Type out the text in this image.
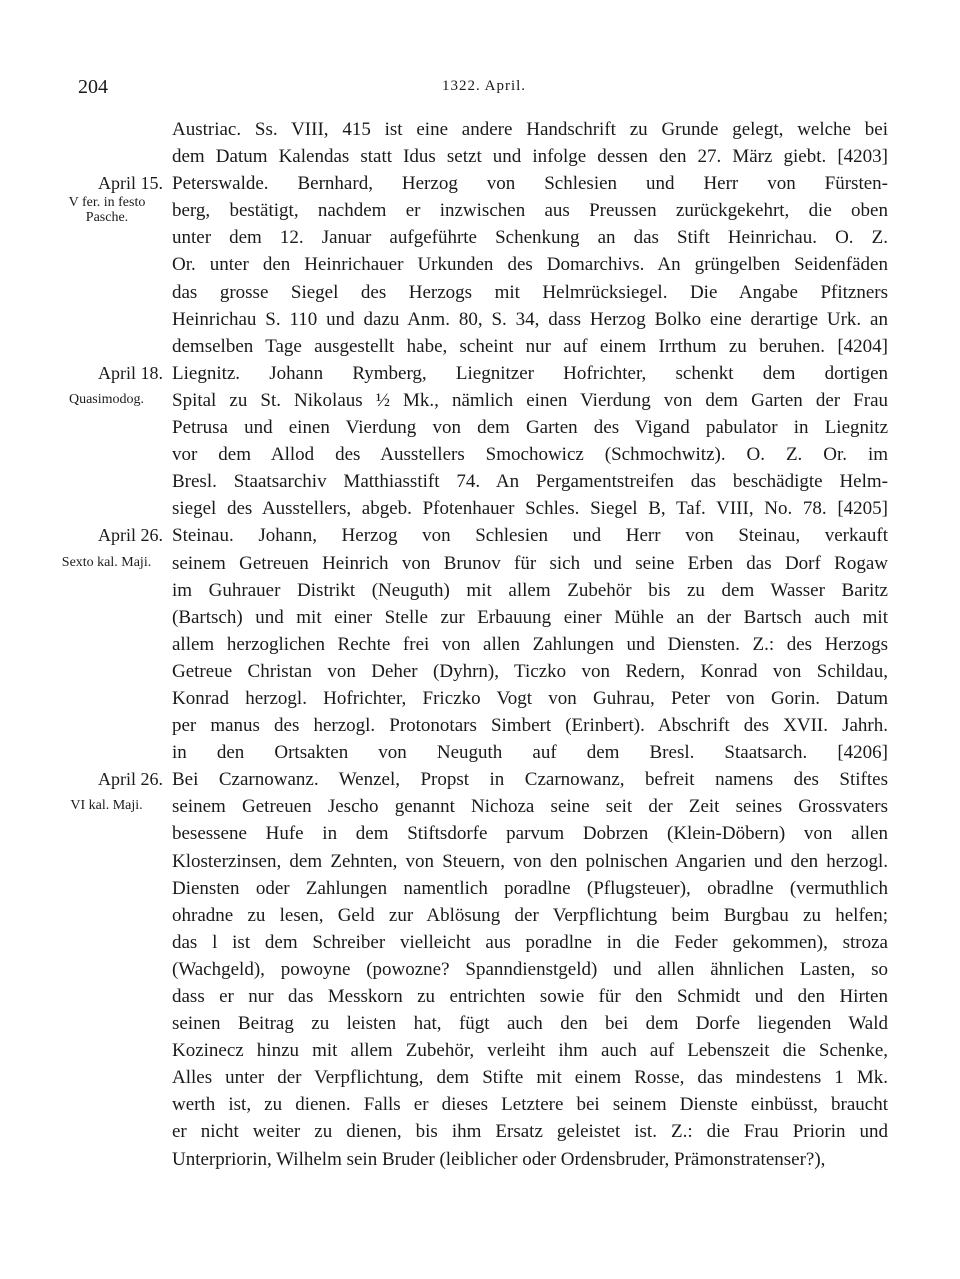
204	1322. April.
Austriac. Ss. VIII, 415 ist eine andere Handschrift zu Grunde gelegt, welche bei
dem Datum Kalendas statt Idus setzt und infolge dessen den 27. März giebt. [4203]
April 15. Peterswalde. Bernhard, Herzog von Schlesien und Herr von Fürsten-
V fer. in festo Pasche.	berg, bestätigt, nachdem er inzwischen aus Preussen zurückgekehrt, die oben
unter dem 12. Januar aufgeführte Schenkung an das Stift Heinrichau. O. Z.
Or. unter den Heinrichauer Urkunden des Domarchivs. An grüngelben Seidenfäden
das grosse Siegel des Herzogs mit Helmrücksiegel. Die Angabe Pfitzners
Heinrichau S. 110 und dazu Anm. 80, S. 34, dass Herzog Bolko eine derartige Urk. an
demselben Tage ausgestellt habe, scheint nur auf einem Irrthum zu beruhen. [4204]
April 18. Liegnitz. Johann Rymberg, Liegnitzer Hofrichter, schenkt dem dortigen
Quasimodog.	Spital zu St. Nikolaus ½ Mk., nämlich einen Vierdung von dem Garten der Frau
Petrusa und einen Vierdung von dem Garten des Vigand pabulator in Liegnitz
vor dem Allod des Ausstellers Smochowicz (Schmochwitz). O. Z. Or. im
Bresl. Staatsarchiv Matthiasstift 74. An Pergamentstreifen das beschädigte Helm-
siegel des Ausstellers, abgeb. Pfotenhauer Schles. Siegel B, Taf. VIII, No. 78. [4205]
April 26. Steinau. Johann, Herzog von Schlesien und Herr von Steinau, verkauft
Sexto kal. Maji.	seinem Getreuen Heinrich von Brunov für sich und seine Erben das Dorf Rogaw
im Guhrauer Distrikt (Neuguth) mit allem Zubehör bis zu dem Wasser Baritz
(Bartsch) und mit einer Stelle zur Erbauung einer Mühle an der Bartsch auch mit
allem herzoglichen Rechte frei von allen Zahlungen und Diensten. Z.: des Herzogs
Getreue Christan von Deher (Dyhrn), Ticzko von Redern, Konrad von Schildau,
Konrad herzogl. Hofrichter, Friczko Vogt von Guhrau, Peter von Gorin. Datum
per manus des herzogl. Protonotars Simbert (Erinbert). Abschrift des XVII. Jahrh.
in den Ortsakten von Neuguth auf dem Bresl. Staatsarch. [4206]
April 26. Bei Czarnowanz. Wenzel, Propst in Czarnowanz, befreit namens des Stiftes
VI kal. Maji.	seinem Getreuen Jescho genannt Nichoza seine seit der Zeit seines Grossvaters
besessene Hufe in dem Stiftsdorfe parvum Dobrzen (Klein-Döbern) von allen
Klosterzinsen, dem Zehnten, von Steuern, von den polnischen Angarien und den herzogl.
Diensten oder Zahlungen namentlich poradlne (Pflugsteuer), obradlne (vermuthlich
ohradne zu lesen, Geld zur Ablösung der Verpflichtung beim Burgbau zu helfen;
das l ist dem Schreiber vielleicht aus poradlne in die Feder gekommen), stroza
(Wachgeld), powoyne (powozne? Spanndienstgeld) und allen ähnlichen Lasten, so
dass er nur das Messkorn zu entrichten sowie für den Schmidt und den Hirten
seinen Beitrag zu leisten hat, fügt auch den bei dem Dorfe liegenden Wald
Kozinecz hinzu mit allem Zubehör, verleiht ihm auch auf Lebenszeit die Schenke,
Alles unter der Verpflichtung, dem Stifte mit einem Rosse, das mindestens 1 Mk.
werth ist, zu dienen. Falls er dieses Letztere bei seinem Dienste einbüsst, braucht
er nicht weiter zu dienen, bis ihm Ersatz geleistet ist. Z.: die Frau Priorin und
Unterpriorin, Wilhelm sein Bruder (leiblicher oder Ordensbruder, Prämonstratenser?),
